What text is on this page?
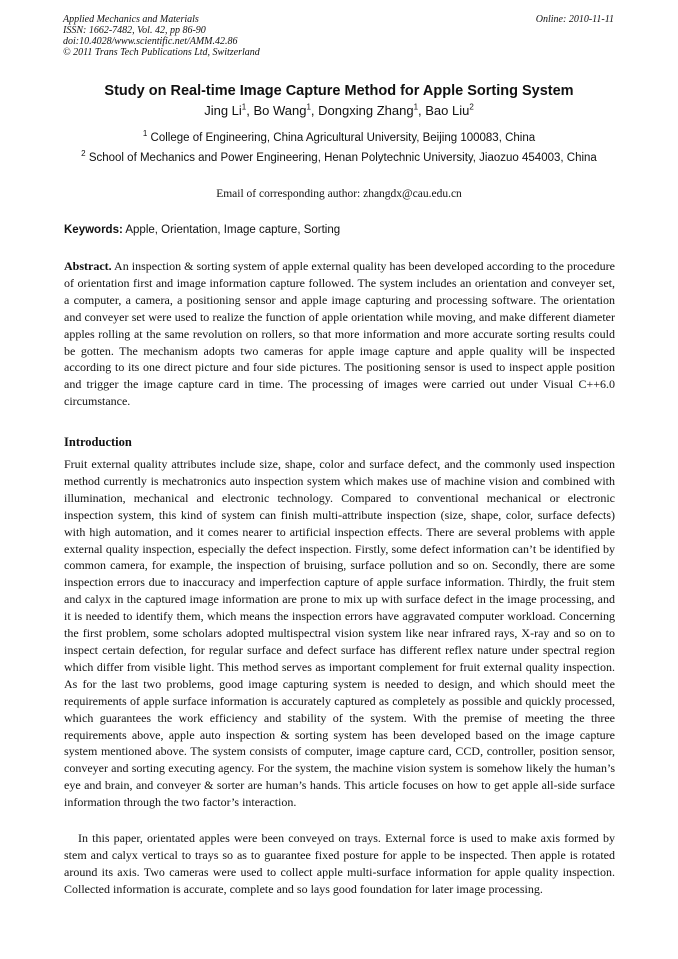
Applied Mechanics and Materials
ISSN: 1662-7482, Vol. 42, pp 86-90
doi:10.4028/www.scientific.net/AMM.42.86
© 2011 Trans Tech Publications Ltd, Switzerland
Online: 2010-11-11
Study on Real-time Image Capture Method for Apple Sorting System
Jing Li$^1$, Bo Wang$^1$, Dongxing Zhang$^1$, Bao Liu$^2$
$^1$ College of Engineering, China Agricultural University, Beijing 100083, China
$^2$ School of Mechanics and Power Engineering, Henan Polytechnic University, Jiaozuo 454003, China
Email of corresponding author: zhangdx@cau.edu.cn
Keywords: Apple, Orientation, Image capture, Sorting
Abstract. An inspection & sorting system of apple external quality has been developed according to the procedure of orientation first and image information capture followed. The system includes an orientation and conveyer set, a computer, a camera, a positioning sensor and apple image capturing and processing software. The orientation and conveyer set were used to realize the function of apple orientation while moving, and make different diameter apples rolling at the same revolution on rollers, so that more information and more accurate sorting results could be gotten. The mechanism adopts two cameras for apple image capture and apple quality will be inspected according to its one direct picture and four side pictures. The positioning sensor is used to inspect apple position and trigger the image capture card in time. The processing of images were carried out under Visual C++6.0 circumstance.
Introduction
Fruit external quality attributes include size, shape, color and surface defect, and the commonly used inspection method currently is mechatronics auto inspection system which makes use of machine vision and combined with illumination, mechanical and electronic technology. Compared to conventional mechanical or electronic inspection system, this kind of system can finish multi-attribute inspection (size, shape, color, surface defects) with high automation, and it comes nearer to artificial inspection effects. There are several problems with apple external quality inspection, especially the defect inspection. Firstly, some defect information can’t be identified by common camera, for example, the inspection of bruising, surface pollution and so on. Secondly, there are some inspection errors due to inaccuracy and imperfection capture of apple surface information. Thirdly, the fruit stem and calyx in the captured image information are prone to mix up with surface defect in the image processing, and it is needed to identify them, which means the inspection errors have aggravated computer workload. Concerning the first problem, some scholars adopted multispectral vision system like near infrared rays, X-ray and so on to inspect certain defection, for regular surface and defect surface has different reflex nature under spectral region which differ from visible light. This method serves as important complement for fruit external quality inspection. As for the last two problems, good image capturing system is needed to design, and which should meet the requirements of apple surface information is accurately captured as completely as possible and quickly processed, which guarantees the work efficiency and stability of the system. With the premise of meeting the three requirements above, apple auto inspection & sorting system has been developed based on the image capture system mentioned above. The system consists of computer, image capture card, CCD, controller, position sensor, conveyer and sorting executing agency. For the system, the machine vision system is somehow likely the human’s eye and brain, and conveyer & sorter are human’s hands. This article focuses on how to get apple all-side surface information through the two factor’s interaction.
In this paper, orientated apples were been conveyed on trays. External force is used to make axis formed by stem and calyx vertical to trays so as to guarantee fixed posture for apple to be inspected. Then apple is rotated around its axis. Two cameras were used to collect apple multi-surface information for apple quality inspection. Collected information is accurate, complete and so lays good foundation for later image processing.
